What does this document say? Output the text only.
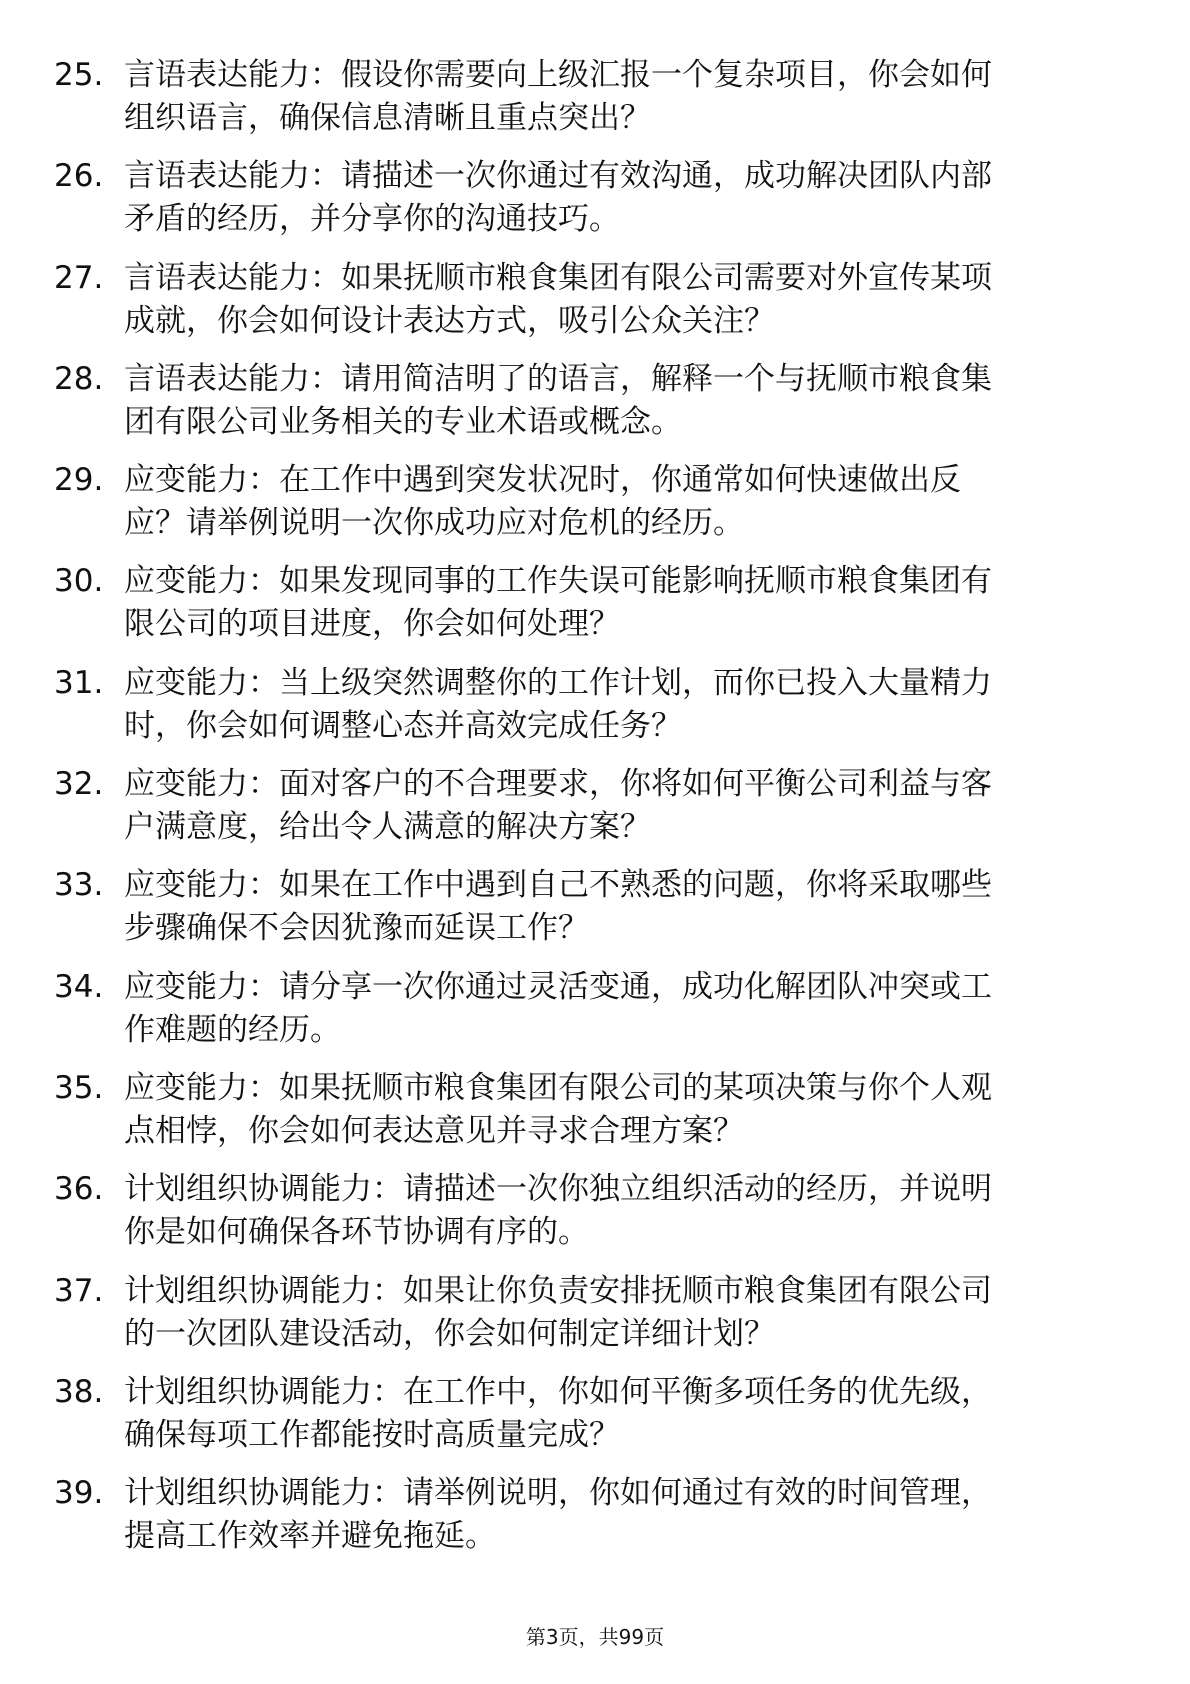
25. 言语表达能力：假设你需要向上级汇报一个复杂项目，你会如何
组织语言，确保信息清晰且重点突出？
26. 言语表达能力：请描述一次你通过有效沟通，成功解决团队内部
矛盾的经历，并分享你的沟通技巧。
27. 言语表达能力：如果抚顺市粮食集团有限公司需要对外宣传某项
成就，你会如何设计表达方式，吸引公众关注？
28. 言语表达能力：请用简洁明了的语言，解释一个与抚顺市粮食集
团有限公司业务相关的专业术语或概念。
29. 应变能力：在工作中遇到突发状况时，你通常如何快速做出反
应？请举例说明一次你成功应对危机的经历。
30. 应变能力：如果发现同事的工作失误可能影响抚顺市粮食集团有
限公司的项目进度，你会如何处理？
31. 应变能力：当上级突然调整你的工作计划，而你已投入大量精力
时，你会如何调整心态并高效完成任务？
32. 应变能力：面对客户的不合理要求，你将如何平衡公司利益与客
户满意度，给出令人满意的解决方案？
33. 应变能力：如果在工作中遇到自己不熟悉的问题，你将采取哪些
步骤确保不会因犹豫而延误工作？
34. 应变能力：请分享一次你通过灵活变通，成功化解团队冲突或工
作难题的经历。
35. 应变能力：如果抚顺市粮食集团有限公司的某项决策与你个人观
点相悖，你会如何表达意见并寻求合理方案？
36. 计划组织协调能力：请描述一次你独立组织活动的经历，并说明
你是如何确保各环节协调有序的。
37. 计划组织协调能力：如果让你负责安排抚顺市粮食集团有限公司
的一次团队建设活动，你会如何制定详细计划？
38. 计划组织协调能力：在工作中，你如何平衡多项任务的优先级，
确保每项工作都能按时高质量完成？
39. 计划组织协调能力：请举例说明，你如何通过有效的时间管理，
提高工作效率并避免拖延。
第3页，共99页
